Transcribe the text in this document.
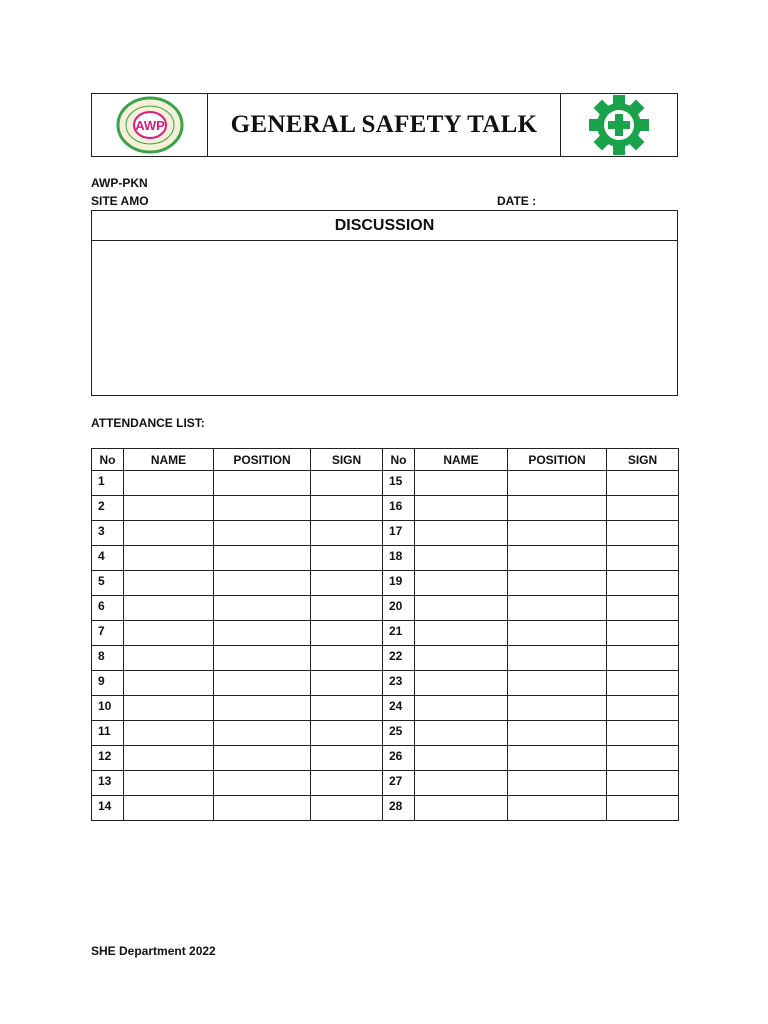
AWP	GENERAL SAFETY TALK
AWP-PKN
SITE AMO	DATE :
DISCUSSION
ATTENDANCE LIST:
No	NAME	POSITION	SIGN	No	NAME	POSITION	SIGN
1				15			
2				16			
3				17			
4				18			
5				19			
6				20			
7				21			
8				22			
9				23			
10				24			
11				25			
12				26			
13				27			
14				28			
SHE Department 2022
